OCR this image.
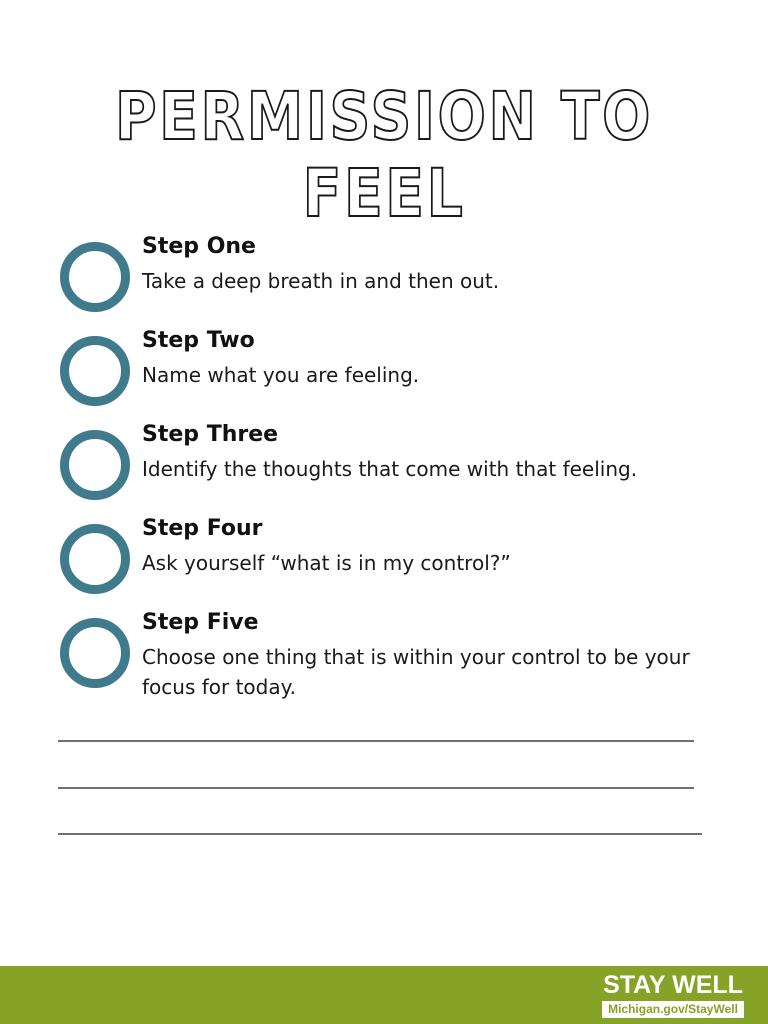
PERMISSION TO FEEL

Step One

Take a deep breath in and then out.

Step Two

Name what you are feeling.

Step Three

Identify the thoughts that come with that feeling.

Step Four

Ask yourself “what is in my control?”

Step Five

Choose one thing that is within your control to be your focus for today.

STAY WELL
Michigan.gov/StayWell
